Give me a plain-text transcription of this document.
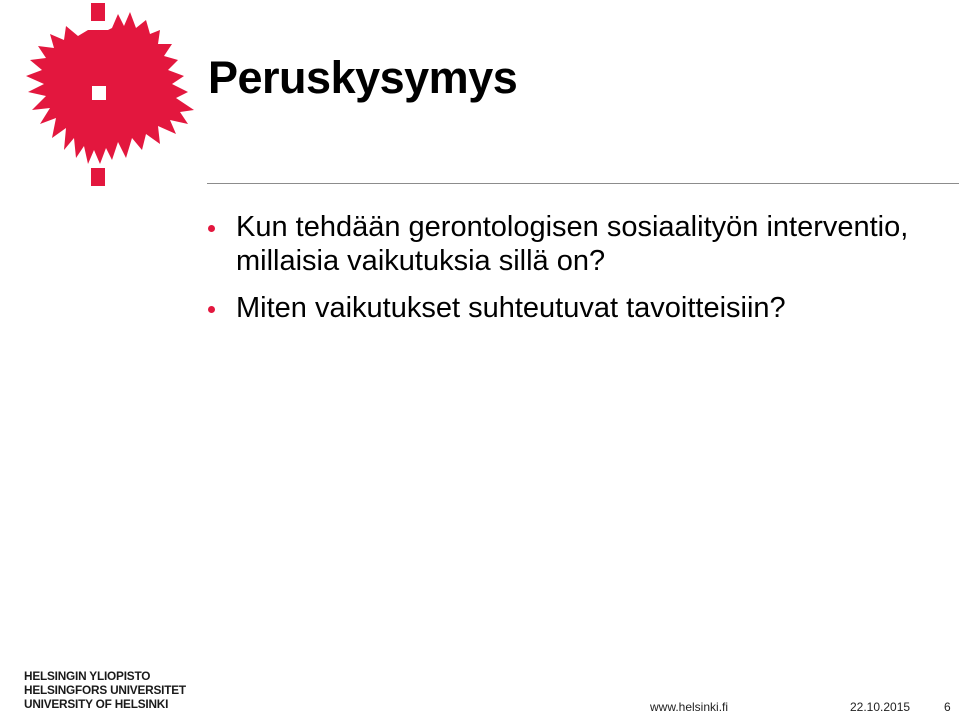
Peruskysymys
Kun tehdään gerontologisen sosiaalityön interventio, millaisia vaikutuksia sillä on?
Miten vaikutukset suhteutuvat tavoitteisiin?
HELSINGIN YLIOPISTO
HELSINGFORS UNIVERSITET
UNIVERSITY OF HELSINKI	www.helsinki.fi	22.10.2015	6
